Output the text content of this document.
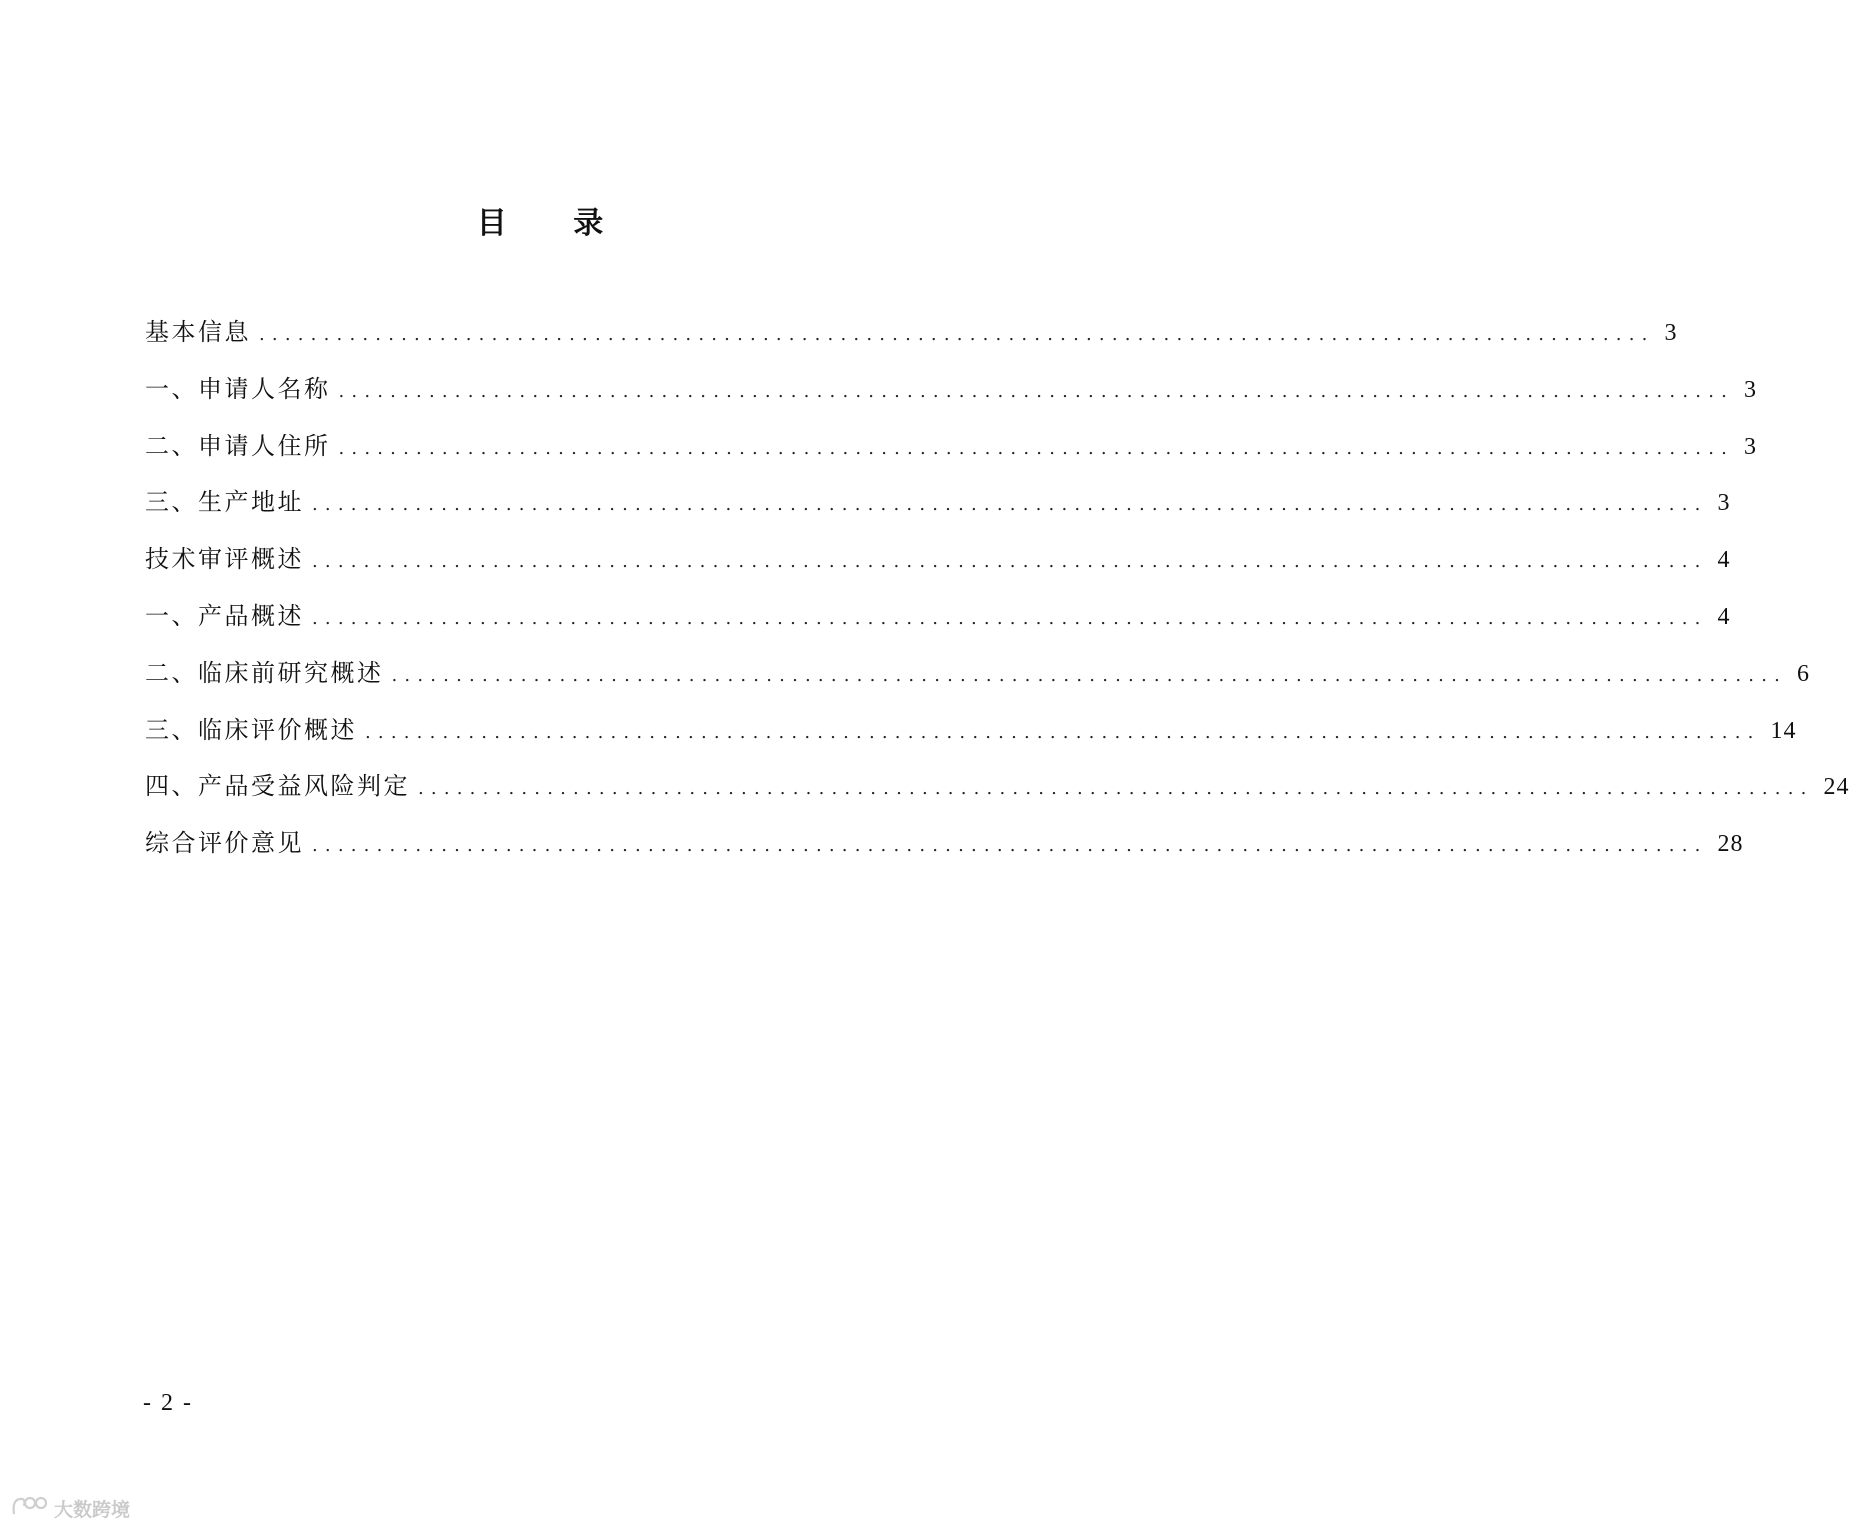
目 录
基本信息 ............................................................................................................ 3
一、申请人名称 ............................................................................................................ 3
二、申请人住所 ............................................................................................................ 3
三、生产地址 ............................................................................................................ 3
技术审评概述 ............................................................................................................ 4
一、产品概述 ............................................................................................................ 4
二、临床前研究概述 ............................................................................................................ 6
三、临床评价概述 ............................................................................................................ 14
四、产品受益风险判定 ............................................................................................................ 24
综合评价意见 ............................................................................................................ 28
- 2 -
大数跨境
